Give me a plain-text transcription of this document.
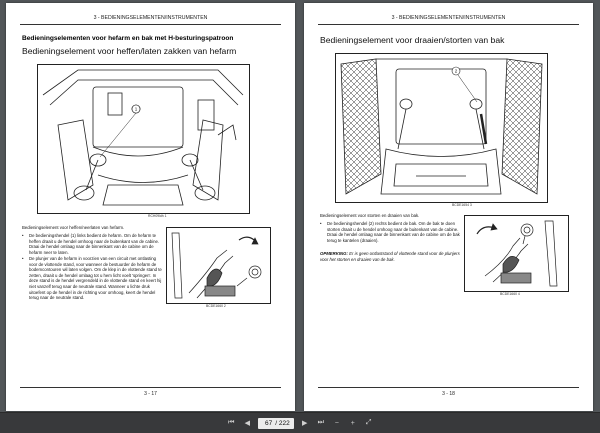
3 - BEDIENINGSELEMENTEN/INSTRUMENTEN
Bedieningselementen voor hefarm en bak met H-besturingspatroon
Bedieningselement voor heffen/laten zakken van hefarm
1
RCH09ldh 1

Bedieningselement voor heffen/neerlaten van hefarm.

• De bedieningshendel (1) links bedient de hefarm. Om de hefarm te heffen draait u de hendel omhoog naar de buitenkant van de cabine. Draai de hendel omlaag naar de binnenkant van de cabine om de hefarm neer te laten.
• De plunjer van de hefarm in voorzien van een circuit met ontlasting voor de vlottende stand, voor wanneer de bestuurder de hefarm de bodemcontouren wil laten volgen. Om de klep in de vlottende stand te zetten, draait u de hendel omlaag tot u hem licht voelt 'springen'. In deze stand is de hendel vergrendeld in de vlottende stand en keert hij niet vanzelf terug naar de neutrale stand. Wanneer u lichte druk uitoefent op de hendel in de richting voor omhoog, keert de hendel terug naar de neutrale stand.
BCDE1660 2
3 - 17
3 - BEDIENINGSELEMENTEN/INSTRUMENTEN
Bedieningselement voor draaien/storten van bak
2
BCDE1654 3

Bedieningselement voor storten en draaien van bak.

• De bedieningshendel (2) rechts bedient de bak. Om de bak te doen storten draait u de hendel omhoog naar de buitenkant van de cabine. Draai de hendel omlaag naar de binnenkant van de cabine om de bak terug te kantelen (draaien).
OPMERKING: Er is geen ontlaststand of vlottende stand voor de plunjers voor het storten en draaien van de bak.
BCDE1660 4
3 - 18
⏮	◀
67	/ 222	▶	⏭	−	+	⤢
